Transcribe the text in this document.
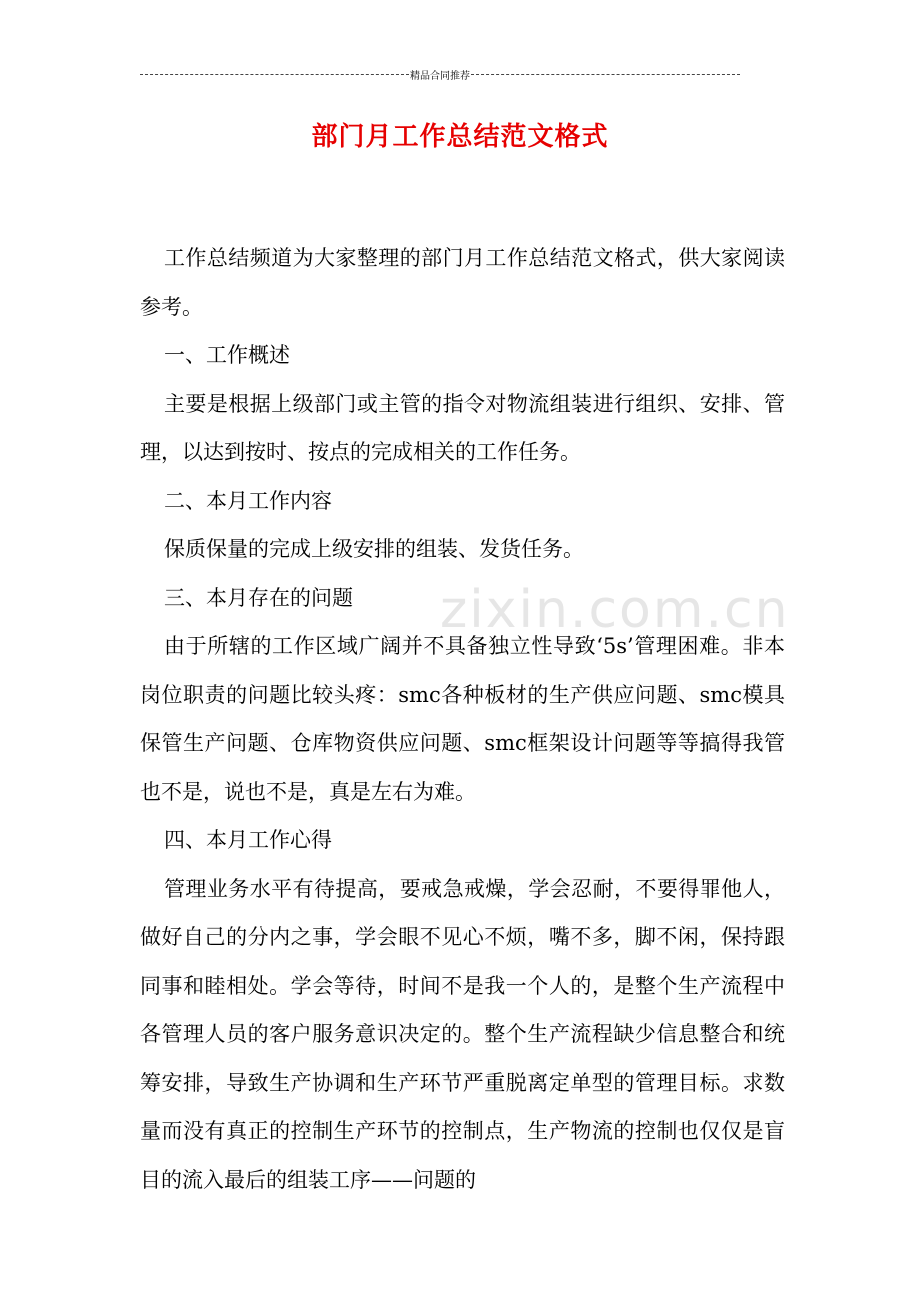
精品合同推荐
部门月工作总结范文格式
zixin.com.cn

工作总结频道为大家整理的部门月工作总结范文格式，供大家阅读参考。

一、工作概述

主要是根据上级部门或主管的指令对物流组装进行组织、安排、管理，以达到按时、按点的完成相关的工作任务。

二、本月工作内容

保质保量的完成上级安排的组装、发货任务。

三、本月存在的问题

由于所辖的工作区域广阔并不具备独立性导致‘5s’管理困难。非本岗位职责的问题比较头疼：smc各种板材的生产供应问题、smc模具保管生产问题、仓库物资供应问题、smc框架设计问题等等搞得我管也不是，说也不是，真是左右为难。

四、本月工作心得

管理业务水平有待提高，要戒急戒燥，学会忍耐，不要得罪他人，做好自己的分内之事，学会眼不见心不烦，嘴不多，脚不闲，保持跟同事和睦相处。学会等待，时间不是我一个人的，是整个生产流程中各管理人员的客户服务意识决定的。整个生产流程缺少信息整合和统筹安排，导致生产协调和生产环节严重脱离定单型的管理目标。求数量而没有真正的控制生产环节的控制点，生产物流的控制也仅仅是盲目的流入最后的组装工序——问题的
